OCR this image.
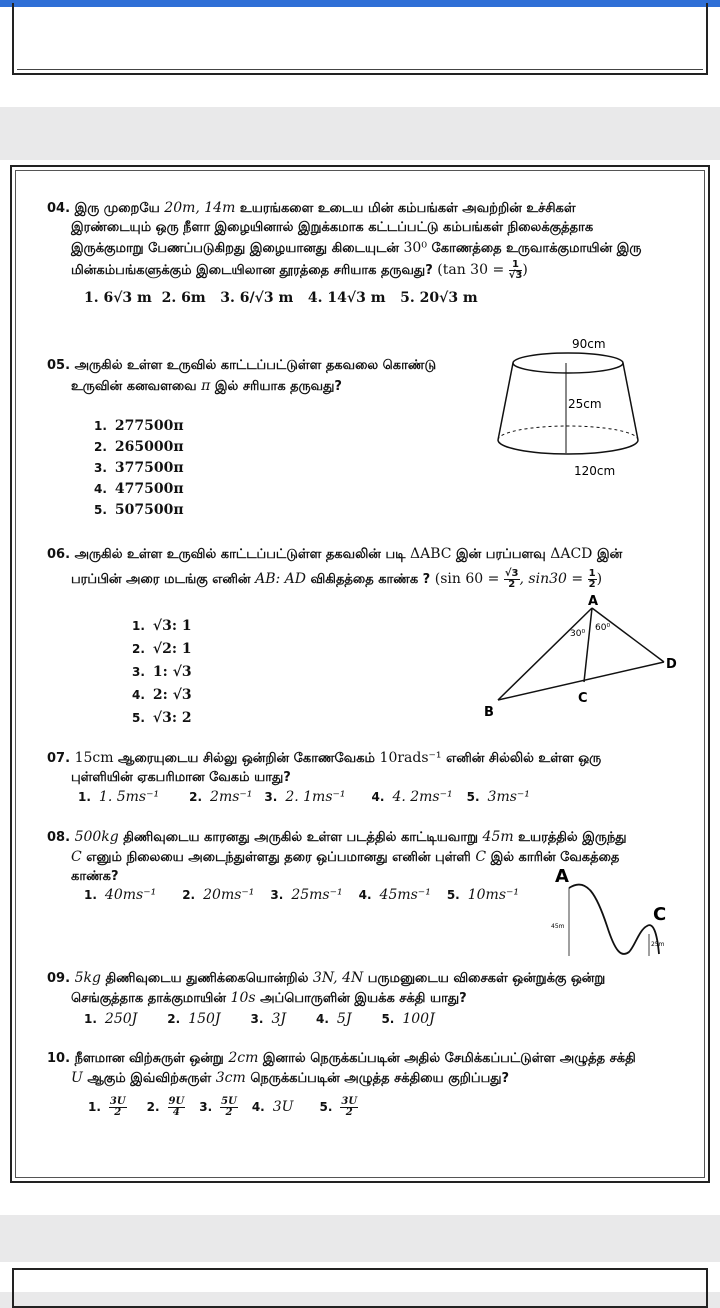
04. இரு முறையே 20m, 14m உயரங்களை உடைய மின் கம்பங்கள் அவற்றின் உச்சிகள்
இரண்டையும் ஒரு நீளா இழையினால் இறுக்கமாக கட்டப்பட்டு கம்பங்கள் நிலைக்குத்தாக
இருக்குமாறு பேணப்படுகிறது இழையானது கிடையுடன் 30⁰ கோணத்தை உருவாக்குமாயின் இரு
மின்கம்பங்களுக்கும் இடையிலான தூரத்தை சரியாக தருவது? (tan $30 = \frac{1}{√3}$ )
1. 6√3 m 2. 6m 3. 6/√3 m 4. 14√3 m 5. 20√3 m
05. அருகில் உள்ள உருவில் காட்டப்பட்டுள்ள தகவலை கொண்டு
உருவின் கனவளவை π இல் சரியாக தருவது?
1. 277500π
2. 265000π
3. 377500π
4. 477500π
5. 507500π
90cm
25cm
120cm
06. அருகில் உள்ள உருவில் காட்டப்பட்டுள்ள தகவலின் படி ΔABC இன் பரப்பளவு ΔACD இன்
பரப்பின் அரை மடங்கு எனின் AB: AD விகிதத்தை காண்க ? (sin $60 = \frac{√3}{2}$ , $\sin 30 = \frac{1}{2}$ )
1. √3: 1
2. √2: 1
3. 1: √3
4. 2: √3
5. √3: 2
A
B
C
D
30⁰
60⁰
07. 15cm ஆரையுடைய சில்லு ஒன்றின் கோணவேகம் 10rads⁻¹ எனின் சில்லில் உள்ள ஒரு
புள்ளியின் ஏகபரிமான வேகம் யாது?
1. 1. 5ms⁻¹	2. 2ms⁻¹ 3. 2. 1ms⁻¹ 4. 4. 2ms⁻¹ 5. 3ms⁻¹
08. 500kg திணிவுடைய காரனது அருகில் உள்ள படத்தில் காட்டியவாறு 45m உயரத்தில் இருந்து
C எனும் நிலையை அடைந்துள்ளது தரை ஒப்பமானது எனின் புள்ளி C இல் காரின் வேகத்தை
காண்க?
1. 40ms⁻¹ 2. 20ms⁻¹ 3. 25ms⁻¹ 4. 45ms⁻¹ 5. 10ms⁻¹
A
C
45m
25m
09. 5kg திணிவுடைய துணிக்கையொன்றில் 3N, 4N பருமனுடைய விசைகள் ஒன்றுக்கு ஒன்று
செங்குத்தாக தாக்குமாயின் 10s அப்பொருளின் இயக்க சக்தி யாது?
1. 250J	2. 150J	3. 3J	4. 5J	5. 100J
10. நீளமான விற்சுருள் ஒன்று 2cm இனால் நெருக்கப்படின் அதில் சேமிக்கப்பட்டுள்ள அழுத்த சக்தி
U ஆகும் இவ்விற்சுருள் 3cm நெருக்கப்படின் அழுத்த சக்தியை குறிப்பது?
1. $\frac{3U}{2} 2$. $\frac{9U}{4} 3$. $\frac{5U}{2} 4$. 3U 5. $\frac{3U}{2}$
